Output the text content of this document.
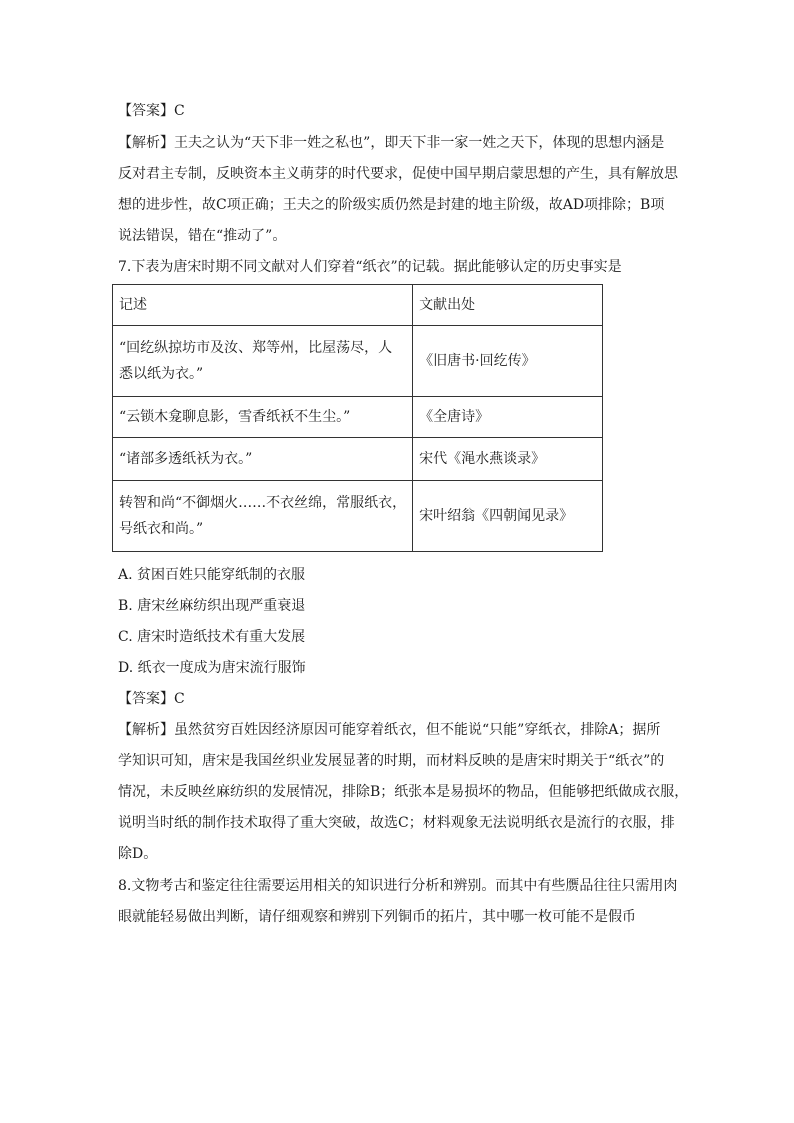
【答案】C
【解析】王夫之认为“天下非一姓之私也”，即天下非一家一姓之天下，体现的思想内涵是
反对君主专制，反映资本主义萌芽的时代要求，促使中国早期启蒙思想的产生，具有解放思
想的进步性，故C项正确；王夫之的阶级实质仍然是封建的地主阶级，故AD项排除；B项
说法错误，错在“推动了”。
7.下表为唐宋时期不同文献对人们穿着“纸衣”的记载。据此能够认定的历史事实是
记述	文献出处

“回纥纵掠坊市及汝、郑等州，比屋荡尽，人
悉以纸为衣。”	《旧唐书·回纥传》

“云锁木龛聊息影，雪香纸袄不生尘。”	《全唐诗》

“诸部多透纸袄为衣。”	宋代《渑水燕谈录》

转智和尚“不御烟火……不衣丝绵，常服纸衣，
号纸衣和尚。”	宋叶绍翁《四朝闻见录》
A. 贫困百姓只能穿纸制的衣服
B. 唐宋丝麻纺织出现严重衰退
C. 唐宋时造纸技术有重大发展
D. 纸衣一度成为唐宋流行服饰
【答案】C
【解析】虽然贫穷百姓因经济原因可能穿着纸衣，但不能说“只能”穿纸衣，排除A；据所
学知识可知，唐宋是我国丝织业发展显著的时期，而材料反映的是唐宋时期关于“纸衣”的
情况，未反映丝麻纺织的发展情况，排除B；纸张本是易损坏的物品，但能够把纸做成衣服，
说明当时纸的制作技术取得了重大突破，故选C；材料观象无法说明纸衣是流行的衣服，排
除D。
8.文物考古和鉴定往往需要运用相关的知识进行分析和辨别。而其中有些赝品往往只需用肉
眼就能轻易做出判断，请仔细观察和辨别下列铜币的拓片，其中哪一枚可能不是假币
